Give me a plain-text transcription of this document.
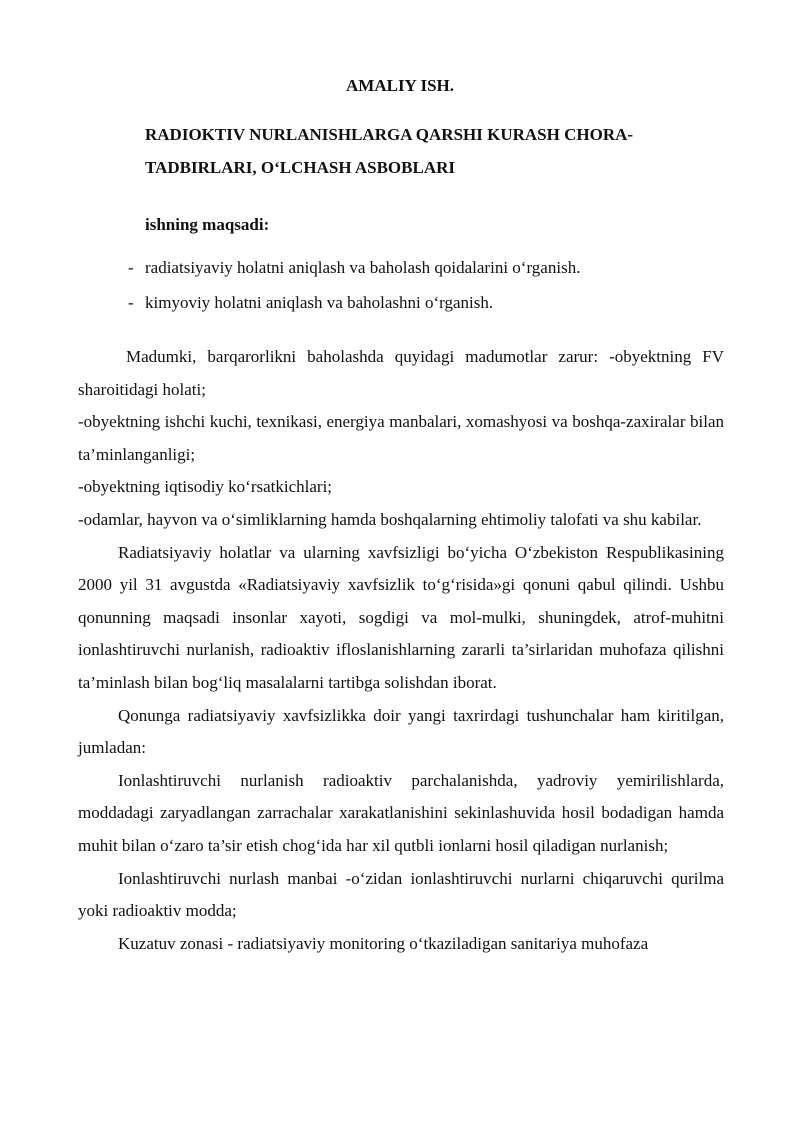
AMALIY ISH.
RADIOKTIV NURLANISHLARGA QARSHI KURASH CHORA-TADBIRLARI, O‘LCHASH ASBOBLARI
ishning maqsadi:
- radiatsiyaviy holatni aniqlash va baholash qoidalarini o‘rganish.
- kimyoviy holatni aniqlash va baholashni o‘rganish.

Madumki, barqarorlikni baholashda quyidagi madumotlar zarur: -obyektning FV sharoitidagi holati;

-obyektning ishchi kuchi, texnikasi, energiya manbalari, xomashyosi va boshqa-zaxiralar bilan ta’minlanganligi;

-obyektning iqtisodiy ko‘rsatkichlari;

-odamlar, hayvon va o‘simliklarning hamda boshqalarning ehtimoliy talofati va shu kabilar.

Radiatsiyaviy holatlar va ularning xavfsizligi bo‘yicha O‘zbekiston Respublikasining 2000 yil 31 avgustda «Radiatsiyaviy xavfsizlik to‘g‘risida»gi qonuni qabul qilindi. Ushbu qonunning maqsadi insonlar xayoti, sogdigi va mol-mulki, shuningdek, atrof-muhitni ionlashtiruvchi nurlanish, radioaktiv ifloslanishlarning zararli ta’sirlaridan muhofaza qilishni ta’minlash bilan bog‘liq masalalarni tartibga solishdan iborat.

Qonunga radiatsiyaviy xavfsizlikka doir yangi taxrirdagi tushunchalar ham kiritilgan, jumladan:

Ionlashtiruvchi nurlanish radioaktiv parchalanishda, yadroviy yemirilishlarda, moddadagi zaryadlangan zarrachalar xarakatlanishini sekinlashuvida hosil bodadigan hamda muhit bilan o‘zaro ta’sir etish chog‘ida har xil qutbli ionlarni hosil qiladigan nurlanish;

Ionlashtiruvchi nurlash manbai -o‘zidan ionlashtiruvchi nurlarni chiqaruvchi qurilma yoki radioaktiv modda;

Kuzatuv zonasi - radiatsiyaviy monitoring o‘tkaziladigan sanitariya muhofaza
